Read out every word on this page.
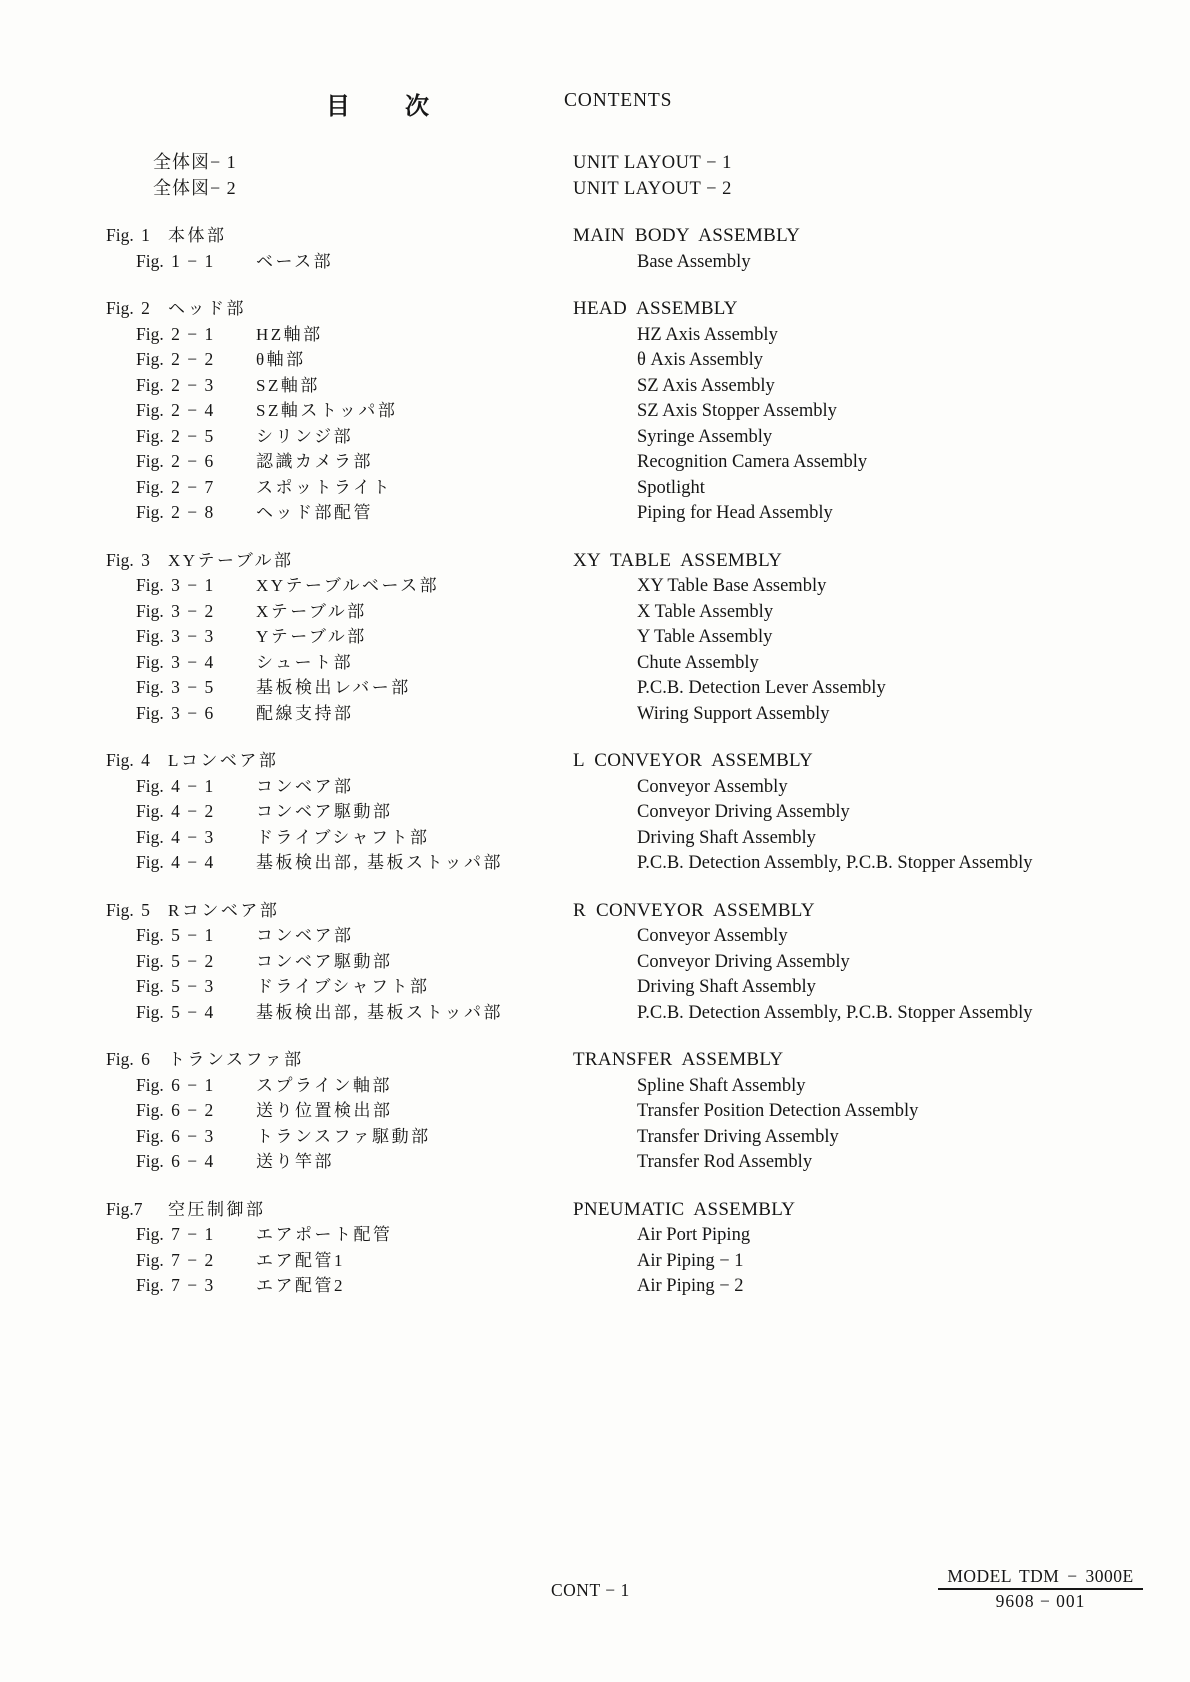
目 次	CONTENTS
全体図− 1	UNIT LAYOUT − 1
全体図− 2	UNIT LAYOUT − 2
Fig. 1	本体部	MAIN BODY ASSEMBLY
Fig. 1 − 1	ベース部	Base Assembly
Fig. 2	ヘッド部	HEAD ASSEMBLY
Fig. 2 − 1	HZ軸部	HZ Axis Assembly
Fig. 2 − 2	θ軸部	θ Axis Assembly
Fig. 2 − 3	SZ軸部	SZ Axis Assembly
Fig. 2 − 4	SZ軸ストッパ部	SZ Axis Stopper Assembly
Fig. 2 − 5	シリンジ部	Syringe Assembly
Fig. 2 − 6	認識カメラ部	Recognition Camera Assembly
Fig. 2 − 7	スポットライト	Spotlight
Fig. 2 − 8	ヘッド部配管	Piping for Head Assembly
Fig. 3	XYテーブル部	XY TABLE ASSEMBLY
Fig. 3 − 1	XYテーブルベース部	XY Table Base Assembly
Fig. 3 − 2	Xテーブル部	X Table Assembly
Fig. 3 − 3	Yテーブル部	Y Table Assembly
Fig. 3 − 4	シュート部	Chute Assembly
Fig. 3 − 5	基板検出レバー部	P.C.B. Detection Lever Assembly
Fig. 3 − 6	配線支持部	Wiring Support Assembly
Fig. 4	Lコンベア部	L CONVEYOR ASSEMBLY
Fig. 4 − 1	コンベア部	Conveyor Assembly
Fig. 4 − 2	コンベア駆動部	Conveyor Driving Assembly
Fig. 4 − 3	ドライブシャフト部	Driving Shaft Assembly
Fig. 4 − 4	基板検出部, 基板ストッパ部	P.C.B. Detection Assembly, P.C.B. Stopper Assembly
Fig. 5	Rコンベア部	R CONVEYOR ASSEMBLY
Fig. 5 − 1	コンベア部	Conveyor Assembly
Fig. 5 − 2	コンベア駆動部	Conveyor Driving Assembly
Fig. 5 − 3	ドライブシャフト部	Driving Shaft Assembly
Fig. 5 − 4	基板検出部, 基板ストッパ部	P.C.B. Detection Assembly, P.C.B. Stopper Assembly
Fig. 6	トランスファ部	TRANSFER ASSEMBLY
Fig. 6 − 1	スプライン軸部	Spline Shaft Assembly
Fig. 6 − 2	送り位置検出部	Transfer Position Detection Assembly
Fig. 6 − 3	トランスファ駆動部	Transfer Driving Assembly
Fig. 6 − 4	送り竿部	Transfer Rod Assembly
Fig.7	空圧制御部	PNEUMATIC ASSEMBLY
Fig. 7 − 1	エアポート配管	Air Port Piping
Fig. 7 − 2	エア配管1	Air Piping − 1
Fig. 7 − 3	エア配管2	Air Piping − 2
CONT − 1
MODEL TDM − 3000E
9608 − 001
